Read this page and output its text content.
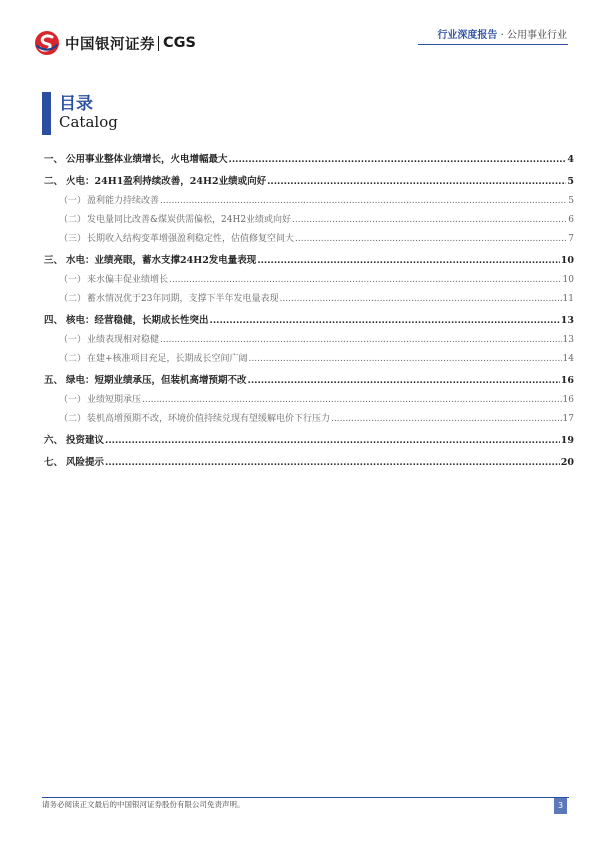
中国银河证券 CGS	行业深度报告 · 公用事业行业
目录
Catalog
一、 公用事业整体业绩增长，火电增幅最大 .....	4
二、 火电：24H1盈利持续改善，24H2业绩或向好 .....	5
（一） 盈利能力持续改善 .....	5
（二） 发电量同比改善&煤炭供需偏松，24H2业绩或向好 .....	6
（三） 长期收入结构变革增强盈利稳定性，估值修复空间大 .....	7
三、 水电：业绩亮眼，蓄水支撑24H2发电量表现 .....	10
（一） 来水偏丰促业绩增长 .....	10
（二） 蓄水情况优于23年同期，支撑下半年发电量表现 .....	11
四、 核电：经营稳健，长期成长性突出 .....	13
（一） 业绩表现相对稳健 .....	13
（二） 在建+核准项目充足，长期成长空间广阔 .....	14
五、 绿电：短期业绩承压，但装机高增预期不改 .....	16
（一） 业绩短期承压 .....	16
（二） 装机高增预期不改，环境价值持续兑现有望缓解电价下行压力 .....	17
六、 投资建议 .....	19
七、 风险提示 .....	20
请务必阅读正文最后的中国银河证券股份有限公司免责声明。	3
